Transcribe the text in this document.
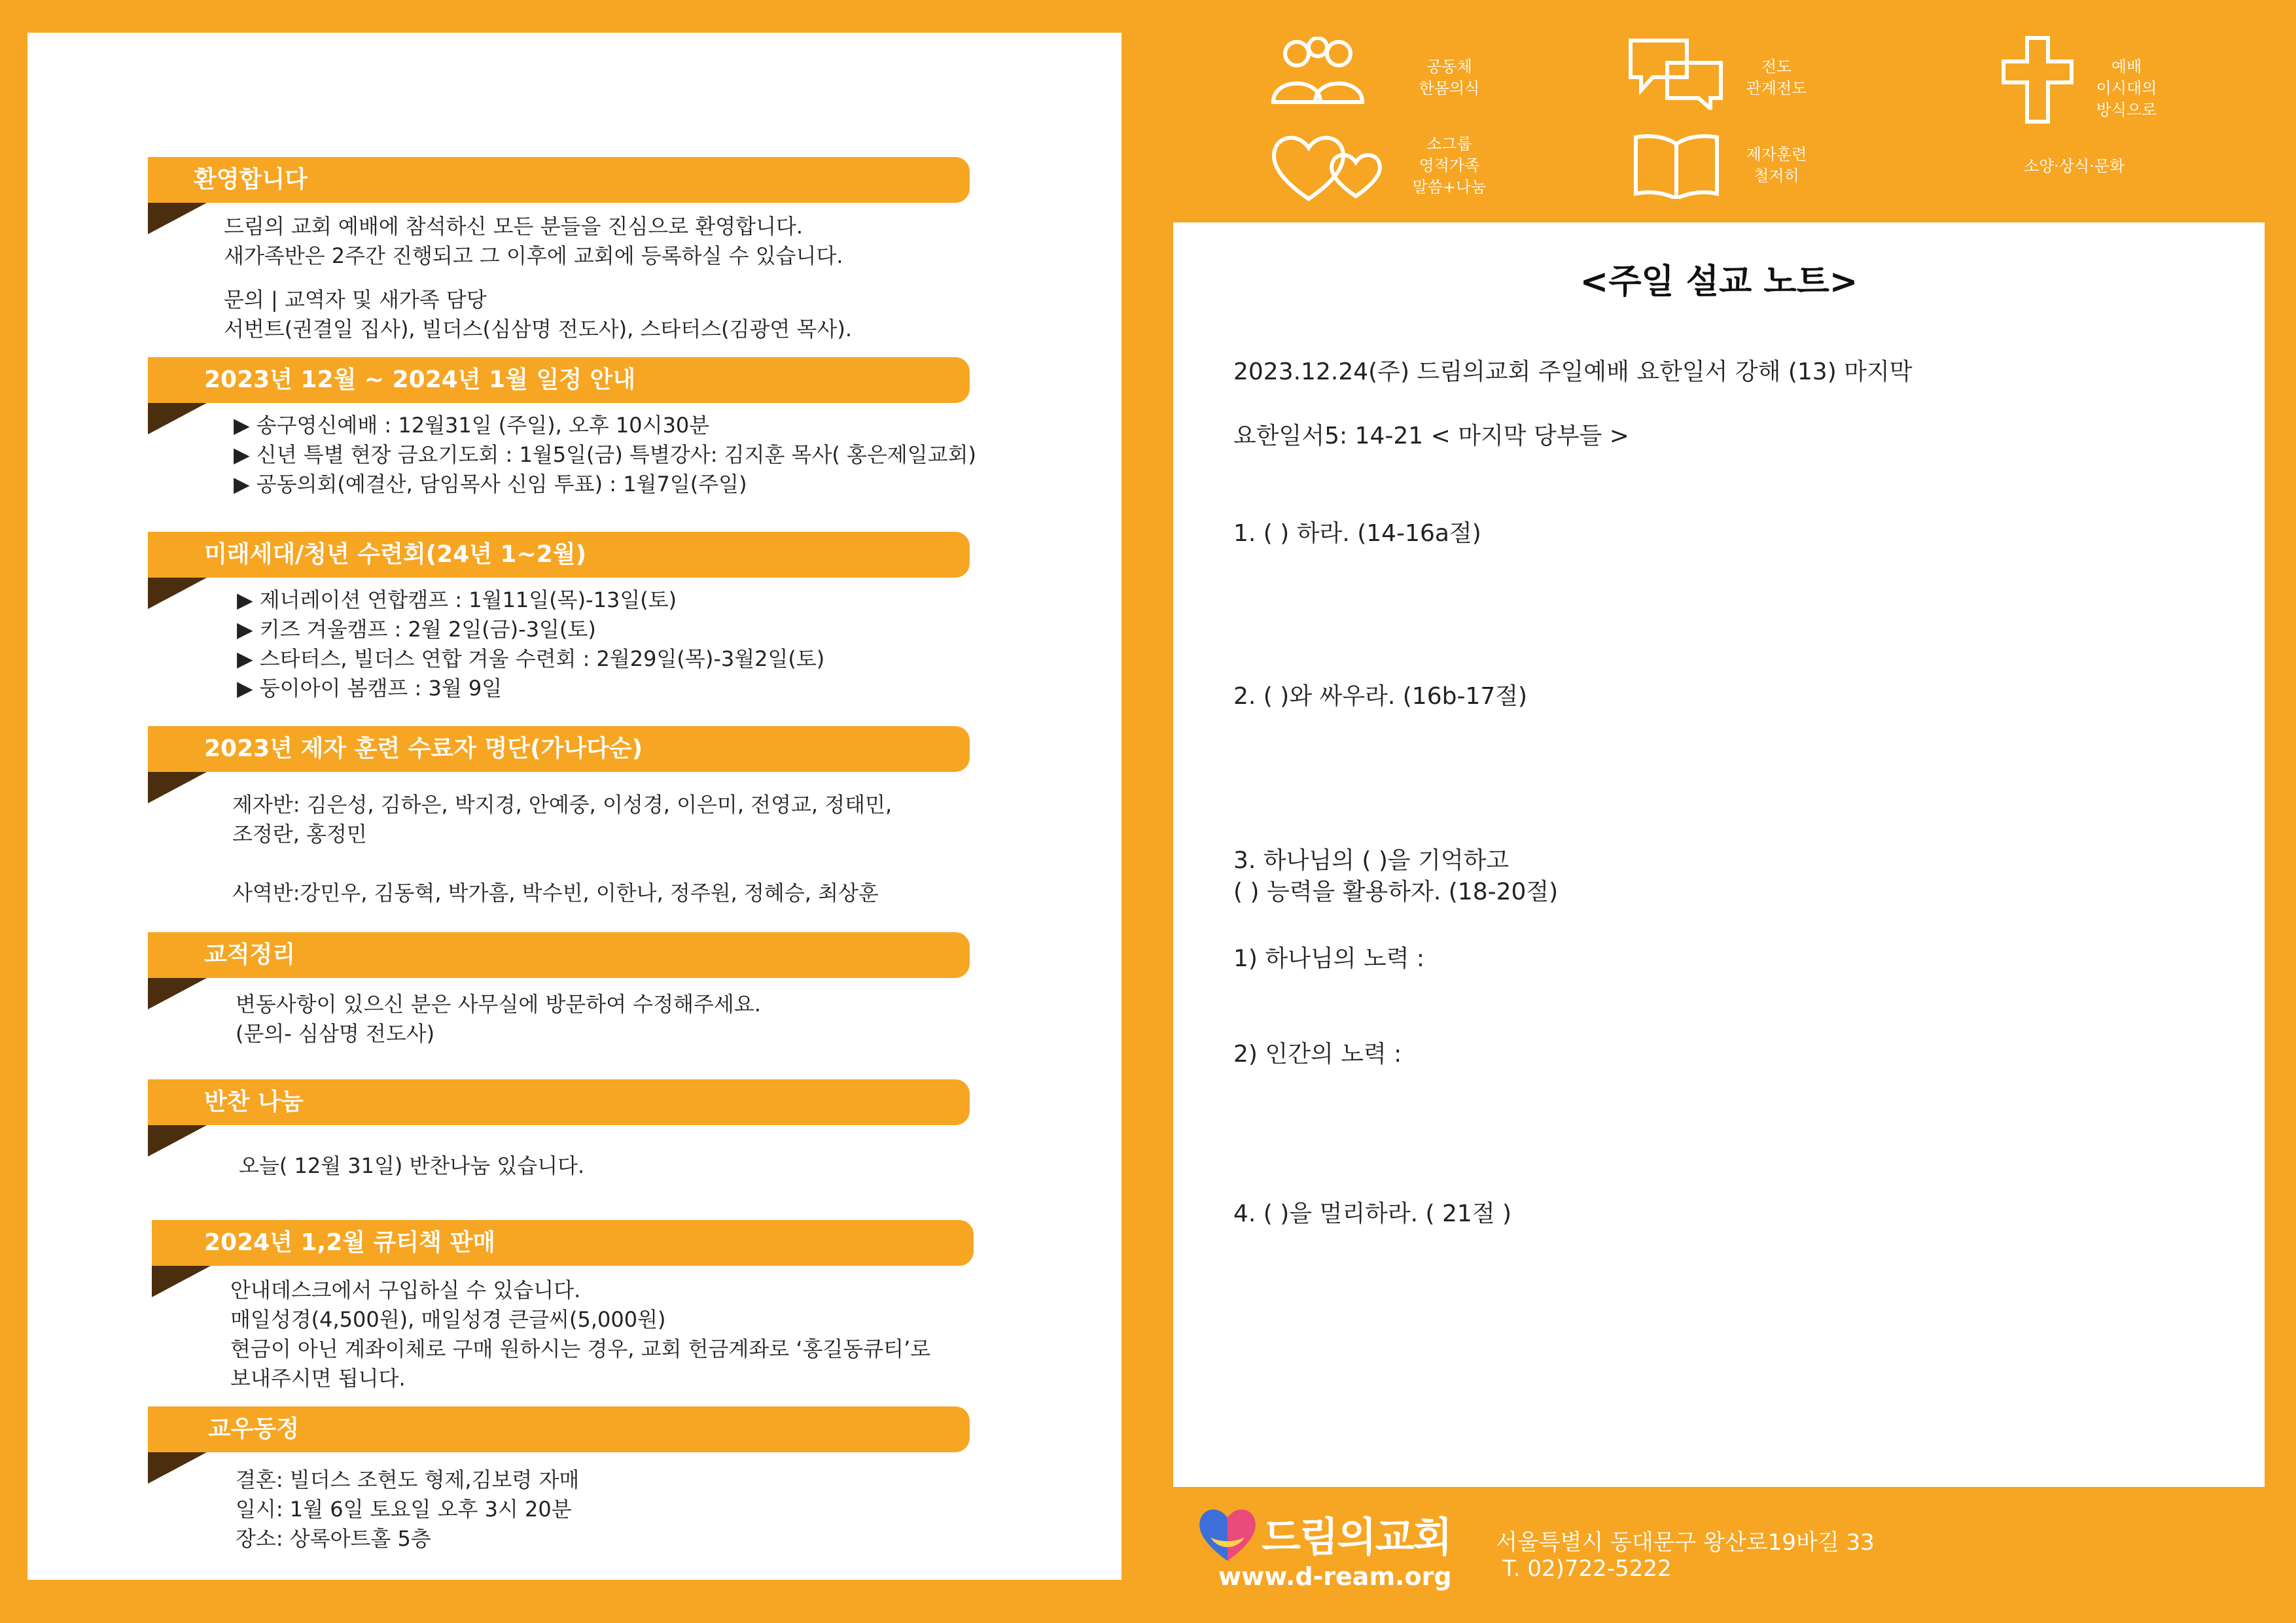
환영합니다
드림의 교회 예배에 참석하신 모든 분들을 진심으로 환영합니다.
새가족반은 2주간 진행되고 그 이후에 교회에 등록하실 수 있습니다.
문의 | 교역자 및 새가족 담당
서번트(권결일 집사), 빌더스(심삼명 전도사), 스타터스(김광연 목사).
2023년 12월 ~ 2024년 1월 일정 안내
▶ 송구영신예배 : 12월31일 (주일), 오후 10시30분
▶ 신년 특별 현장 금요기도회 : 1월5일(금) 특별강사: 김지훈 목사( 홍은제일교회)
▶ 공동의회(예결산, 담임목사 신임 투표) : 1월7일(주일)
미래세대/청년 수련회(24년 1~2월)
▶ 제너레이션 연합캠프 : 1월11일(목)-13일(토)
▶ 키즈 겨울캠프 : 2월 2일(금)-3일(토)
▶ 스타터스, 빌더스 연합 겨울 수련회 : 2월29일(목)-3월2일(토)
▶ 둥이아이 봄캠프 : 3월 9일
2023년 제자 훈련 수료자 명단(가나다순)
제자반: 김은성, 김하은, 박지경, 안예중, 이성경, 이은미, 전영교, 정태민,
조정란, 홍정민
사역반:강민우, 김동혁, 박가흠, 박수빈, 이한나, 정주원, 정혜승, 최상훈
교적정리
변동사항이 있으신 분은 사무실에 방문하여 수정해주세요.
(문의- 심삼명 전도사)
반찬 나눔
오늘( 12월 31일) 반찬나눔 있습니다.
2024년 1,2월 큐티책 판매
안내데스크에서 구입하실 수 있습니다.
매일성경(4,500원), 매일성경 큰글씨(5,000원)
현금이 아닌 계좌이체로 구매 원하시는 경우, 교회 헌금계좌로 ‘홍길동큐티’로
보내주시면 됩니다.
교우동정
결혼: 빌더스 조현도 형제,김보령 자매
일시: 1월 6일 토요일 오후 3시 20분
장소: 상록아트홀 5층
공동체
한몸의식
전도
관계전도
예배
이시대의
방식으로
소그룹
영적가족
말씀+나눔
제자훈련
철저히
소양·상식·문화
<주일 설교 노트>
2023.12.24(주) 드림의교회 주일예배 요한일서 강해 (13) 마지막
요한일서5: 14-21 < 마지막 당부들 >
1. ( ) 하라. (14-16a절)
2. ( )와 싸우라. (16b-17절)
3. 하나님의 ( )을 기억하고
( ) 능력을 활용하자. (18-20절)
1) 하나님의 노력 :
2) 인간의 노력 :
4. ( )을 멀리하라. ( 21절 )
드림의교회
www.d-ream.org
서울특별시 동대문구 왕산로19바길 33
T. 02)722-5222
